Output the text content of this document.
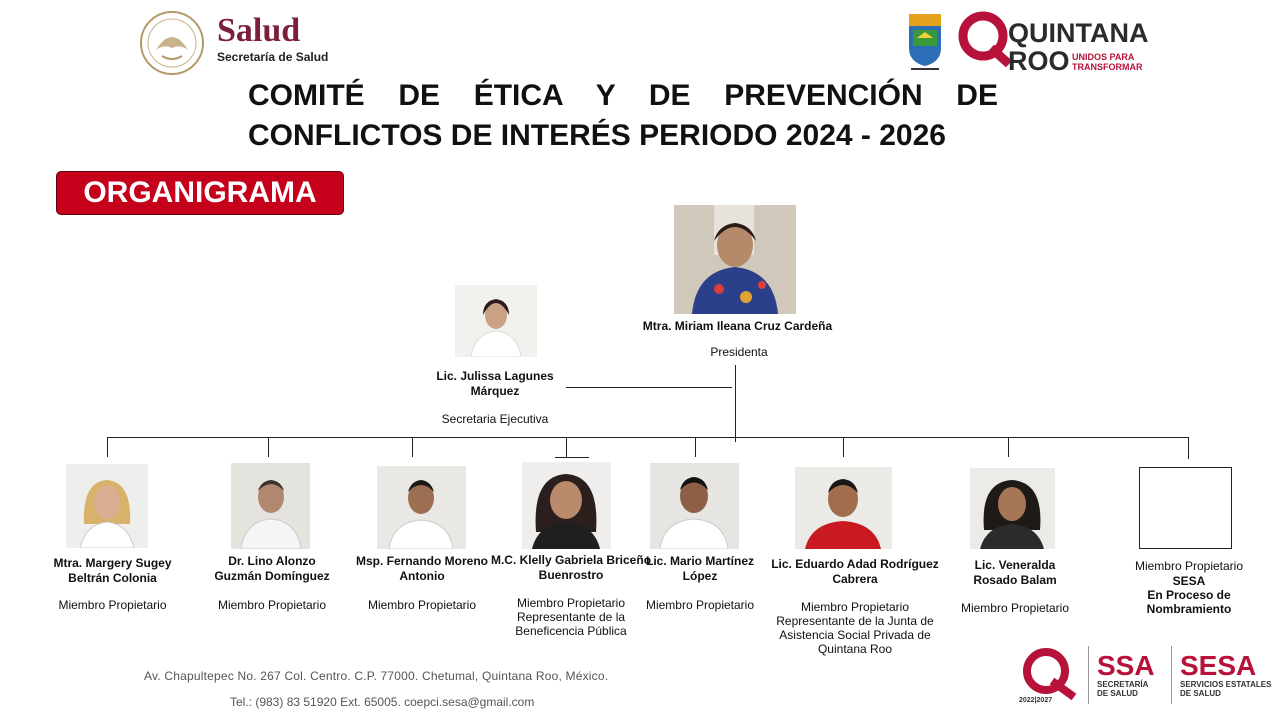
Salud
Secretaría de Salud
QUINTANA
ROO UNIDOS PARA
TRANSFORMAR
COMITÉ DE ÉTICA Y DE PREVENCIÓN DE
CONFLICTOS DE INTERÉS PERIODO 2024 - 2026
ORGANIGRAMA
Mtra. Miriam Ileana Cruz Cardeña
Presidenta
Lic. Julissa Lagunes
Márquez
Secretaria Ejecutiva
Mtra. Margery Sugey
Beltrán Colonia
Miembro Propietario
Dr. Lino Alonzo
Guzmán Domínguez
Miembro Propietario
Msp. Fernando Moreno
Antonio
Miembro Propietario
M.C. Klelly Gabriela Briceño
Buenrostro
Miembro Propietario
Representante de la
Beneficencia Pública
Lic. Mario Martínez
López
Miembro Propietario
Lic. Eduardo Adad Rodríguez
Cabrera
Miembro Propietario
Representante de la Junta de
Asistencia Social Privada de
Quintana Roo
Lic. Veneralda
Rosado Balam
Miembro Propietario
Miembro Propietario
SESA
En Proceso de
Nombramiento
Av. Chapultepec No. 267 Col. Centro. C.P. 77000. Chetumal, Quintana Roo, México.
Tel.: (983) 83 51920 Ext. 65005. coepci.sesa@gmail.com	2022|2027
SSA
SECRETARÍA
DE SALUD
SESA
SERVICIOS ESTATALES
DE SALUD
